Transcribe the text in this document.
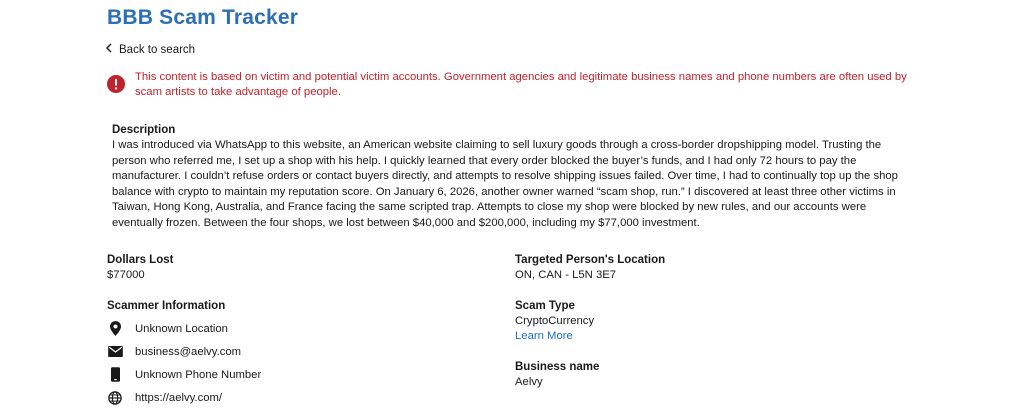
BBB Scam Tracker
Back to search
This content is based on victim and potential victim accounts. Government agencies and legitimate business names and phone numbers are often used by scam artists to take advantage of people.
Description
I was introduced via WhatsApp to this website, an American website claiming to sell luxury goods through a cross-border dropshipping model. Trusting the person who referred me, I set up a shop with his help. I quickly learned that every order blocked the buyer’s funds, and I had only 72 hours to pay the manufacturer. I couldn’t refuse orders or contact buyers directly, and attempts to resolve shipping issues failed. Over time, I had to continually top up the shop balance with crypto to maintain my reputation score. On January 6, 2026, another owner warned “scam shop, run.” I discovered at least three other victims in Taiwan, Hong Kong, Australia, and France facing the same scripted trap. Attempts to close my shop were blocked by new rules, and our accounts were eventually frozen. Between the four shops, we lost between $40,000 and $200,000, including my $77,000 investment.
Dollars Lost
$77000
Scammer Information
Unknown Location
business@aelvy.com
Unknown Phone Number
https://aelvy.com/
Targeted Person's Location
ON, CAN - L5N 3E7
Scam Type
CryptoCurrency
Learn More
Business name
Aelvy
